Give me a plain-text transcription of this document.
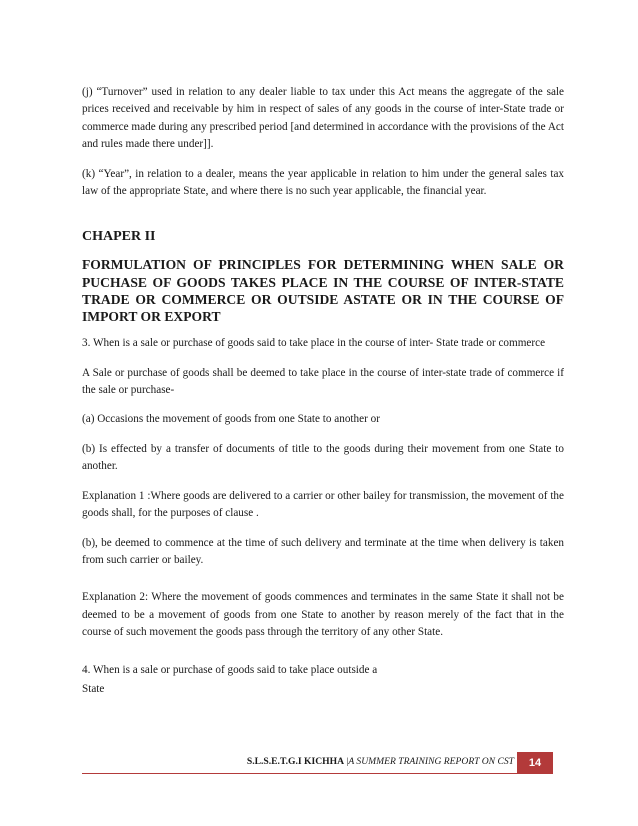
(j) “Turnover” used in relation to any dealer liable to tax under this Act means the aggregate of the sale prices received and receivable by him in respect of sales of any goods in the course of inter-State trade or commerce made during any prescribed period [and determined in accordance with the provisions of the Act and rules made there under]].

(k) “Year”, in relation to a dealer, means the year applicable in relation to him under the general sales tax law of the appropriate State, and where there is no such year applicable, the financial year.

CHAPER II
FORMULATION OF PRINCIPLES FOR DETERMINING WHEN SALE OR PUCHASE OF GOODS TAKES PLACE IN THE COURSE OF INTER-STATE TRADE OR COMMERCE OR OUTSIDE ASTATE OR IN THE COURSE OF IMPORT OR EXPORT

3. When is a sale or purchase of goods said to take place in the course of inter- State trade or commerce

A Sale or purchase of goods shall be deemed to take place in the course of inter-state trade of commerce if the sale or purchase-

(a) Occasions the movement of goods from one State to another or

(b) Is effected by a transfer of documents of title to the goods during their movement from one State to another.

Explanation 1 :Where goods are delivered to a carrier or other bailey for transmission, the movement of the goods shall, for the purposes of clause .

(b), be deemed to commence at the time of such delivery and terminate at the time when delivery is taken from such carrier or bailey.

Explanation 2: Where the movement of goods commences and terminates in the same State it shall not be deemed to be a movement of goods from one State to another by reason merely of the fact that in the course of such movement the goods pass through the territory of any other State.

4. When is a sale or purchase of goods said to take place outside a

State

S.L.S.E.T.G.I KICHHA |A SUMMER TRAINING REPORT ON CST	14
